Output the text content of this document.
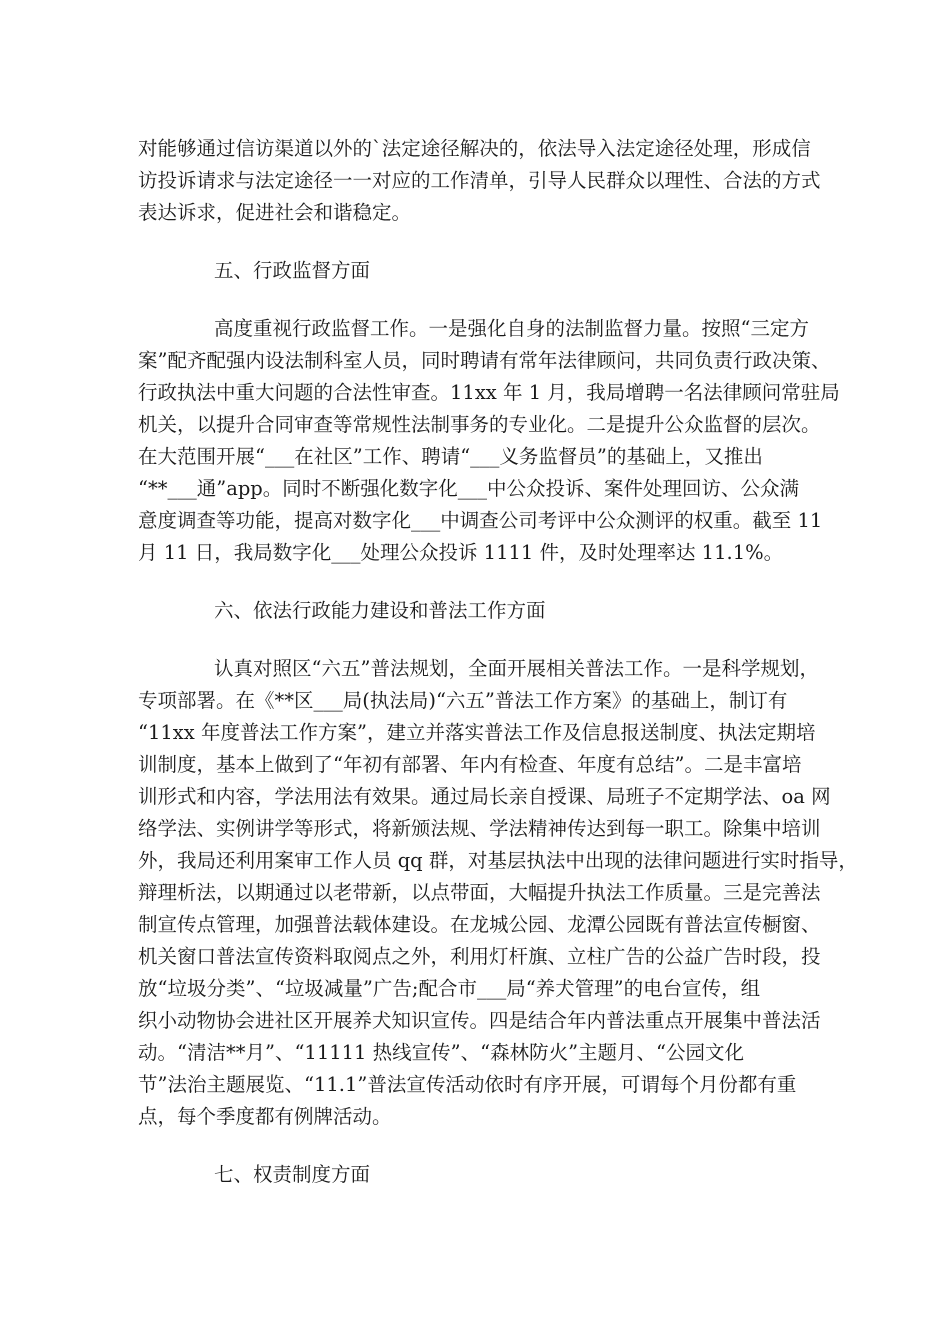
对能够通过信访渠道以外的`法定途径解决的，依法导入法定途径处理，形成信
访投诉请求与法定途径一一对应的工作清单，引导人民群众以理性、合法的方式
表达诉求，促进社会和谐稳定。
五、行政监督方面
高度重视行政监督工作。一是强化自身的法制监督力量。按照“三定方
案”配齐配强内设法制科室人员，同时聘请有常年法律顾问，共同负责行政决策、
行政执法中重大问题的合法性审查。11xx 年 1 月，我局增聘一名法律顾问常驻局
机关，以提升合同审查等常规性法制事务的专业化。二是提升公众监督的层次。
在大范围开展“___在社区”工作、聘请“___义务监督员”的基础上，又推出
“**___通”app。同时不断强化数字化___中公众投诉、案件处理回访、公众满
意度调查等功能，提高对数字化___中调查公司考评中公众测评的权重。截至 11
月 11 日，我局数字化___处理公众投诉 1111 件，及时处理率达 11.1%。
六、依法行政能力建设和普法工作方面
认真对照区“六五”普法规划，全面开展相关普法工作。一是科学规划，
专项部署。在《**区___局(执法局)“六五”普法工作方案》的基础上，制订有
“11xx 年度普法工作方案”，建立并落实普法工作及信息报送制度、执法定期培
训制度，基本上做到了“年初有部署、年内有检查、年度有总结”。二是丰富培
训形式和内容，学法用法有效果。通过局长亲自授课、局班子不定期学法、oa 网
络学法、实例讲学等形式，将新颁法规、学法精神传达到每一职工。除集中培训
外，我局还利用案审工作人员 qq 群，对基层执法中出现的法律问题进行实时指导，
辩理析法，以期通过以老带新，以点带面，大幅提升执法工作质量。三是完善法
制宣传点管理，加强普法载体建设。在龙城公园、龙潭公园既有普法宣传橱窗、
机关窗口普法宣传资料取阅点之外，利用灯杆旗、立柱广告的公益广告时段，投
放“垃圾分类”、“垃圾减量”广告;配合市___局“养犬管理”的电台宣传，组
织小动物协会进社区开展养犬知识宣传。四是结合年内普法重点开展集中普法活
动。“清洁**月”、“11111 热线宣传”、“森林防火”主题月、“公园文化
节”法治主题展览、“11.1”普法宣传活动依时有序开展，可谓每个月份都有重
点，每个季度都有例牌活动。
七、权责制度方面
